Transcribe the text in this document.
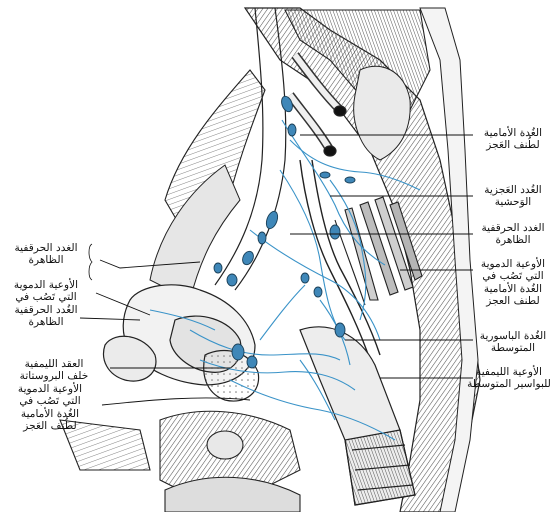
الغُدة الأمامية
لطُنف العَجز
الغُدد العَجزية
الوَحشية
الغدد الحرقفية
الظاهرة
الأوعية الدموية
التي تَصُب في
الغُدة الأمامية
لطنف العجز
الغُدة الباسورية
المتوسطة
الأوعية الليمفية
للبواسير المتوسطة
الغدد الحرقفية
الظاهرة
الأوعية الدموية
التي تَصُب في
الغُدد الحرقفية
الظاهرة
العقد الليمفية
خلف البروستاتة
الأوعية الدموية
التي تَصُب في
الغُدة الأمامية
لطُنف العَجز
